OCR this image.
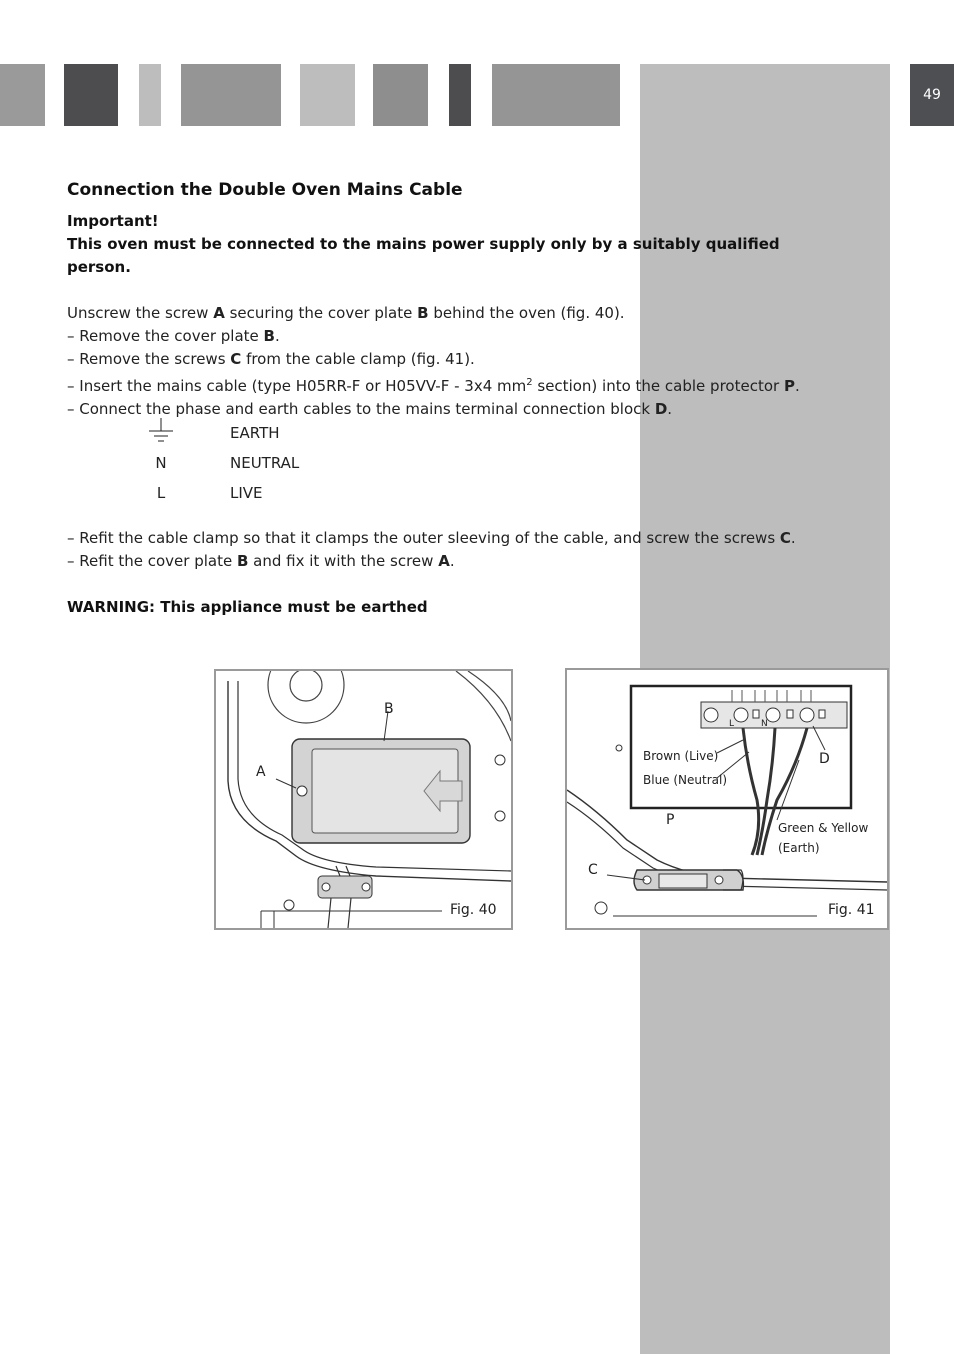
49
Connection the Double Oven Mains Cable

Important!

This oven must be connected to the mains power supply only by a suitably qualified person.

Unscrew the screw A securing the cover plate B behind the oven (fig. 40).

– Remove the cover plate B.

– Remove the screws C from the cable clamp (fig. 41).

– Insert the mains cable (type H05RR-F or H05VV-F - 3x4 $mm^2$ section) into the cable protector P.

– Connect the phase and earth cables to the mains terminal connection block D.

EARTH
N	NEUTRAL
L	LIVE

– Refit the cable clamp so that it clamps the outer sleeving of the cable, and screw the screws C.

– Refit the cover plate B and fix it with the screw A.

WARNING: This appliance must be earthed

B
A
Fig. 40
L	N
Brown (Live)
Blue (Neutral)
D
P	Green & Yellow
(Earth)
C
Fig. 41
